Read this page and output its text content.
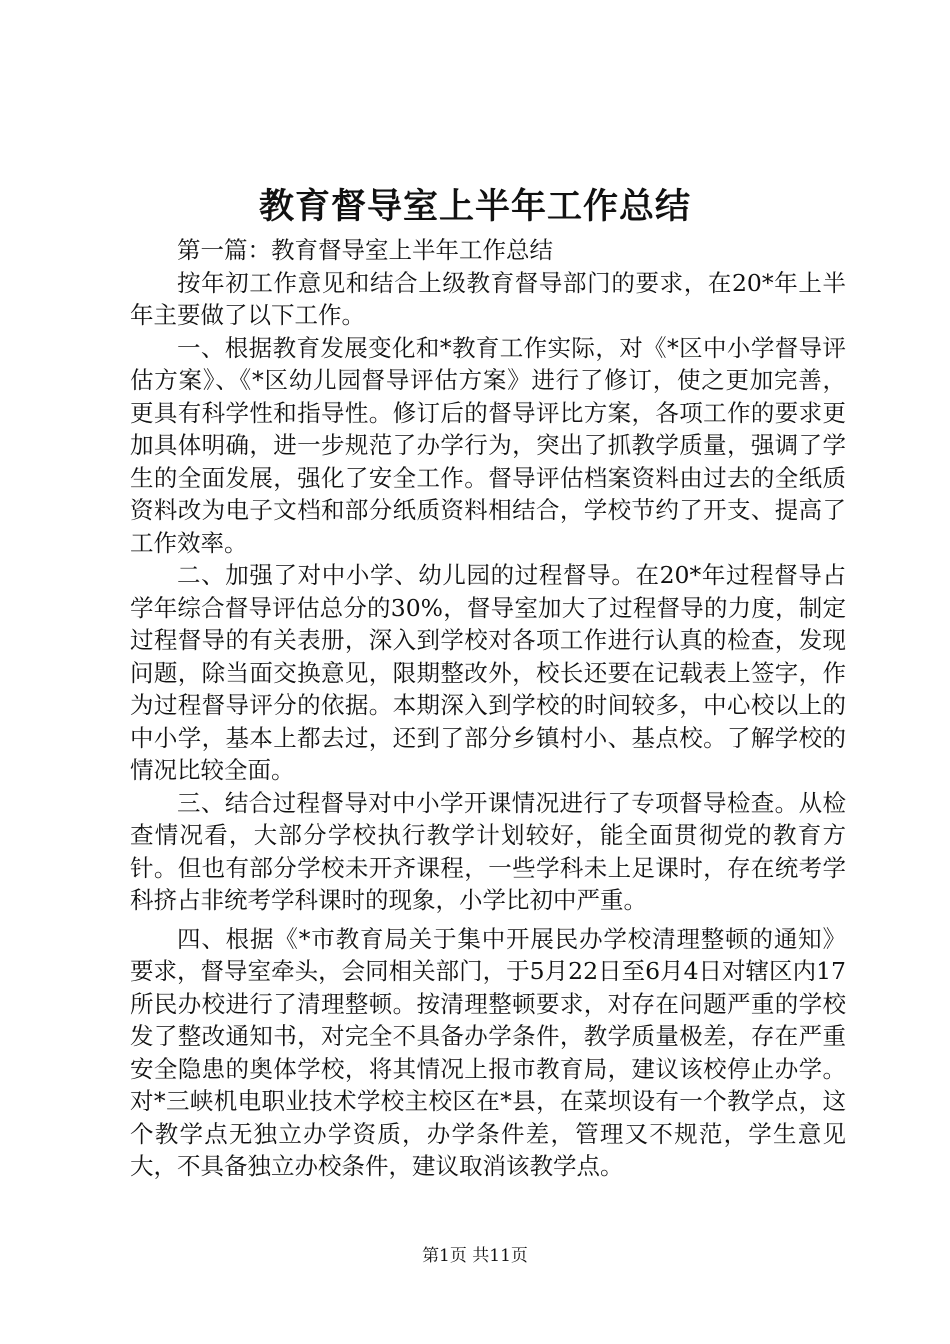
教育督导室上半年工作总结

第一篇：教育督导室上半年工作总结

按年初工作意见和结合上级教育督导部门的要求，在20*年上半年主要做了以下工作。

一、根据教育发展变化和*教育工作实际，对《*区中小学督导评估方案》、《*区幼儿园督导评估方案》进行了修订，使之更加完善，更具有科学性和指导性。修订后的督导评比方案，各项工作的要求更加具体明确，进一步规范了办学行为，突出了抓教学质量，强调了学生的全面发展，强化了安全工作。督导评估档案资料由过去的全纸质资料改为电子文档和部分纸质资料相结合，学校节约了开支、提高了工作效率。

二、加强了对中小学、幼儿园的过程督导。在20*年过程督导占学年综合督导评估总分的30%，督导室加大了过程督导的力度，制定过程督导的有关表册，深入到学校对各项工作进行认真的检查，发现问题，除当面交换意见，限期整改外，校长还要在记载表上签字，作为过程督导评分的依据。本期深入到学校的时间较多，中心校以上的中小学，基本上都去过，还到了部分乡镇村小、基点校。了解学校的情况比较全面。

三、结合过程督导对中小学开课情况进行了专项督导检查。从检查情况看，大部分学校执行教学计划较好，能全面贯彻党的教育方针。但也有部分学校未开齐课程，一些学科未上足课时，存在统考学科挤占非统考学科课时的现象，小学比初中严重。

四、根据《*市教育局关于集中开展民办学校清理整顿的通知》要求，督导室牵头，会同相关部门，于5月22日至6月4日对辖区内17所民办校进行了清理整顿。按清理整顿要求，对存在问题严重的学校发了整改通知书，对完全不具备办学条件，教学质量极差，存在严重安全隐患的奥体学校，将其情况上报市教育局，建议该校停止办学。对*三峡机电职业技术学校主校区在*县，在菜坝设有一个教学点，这个教学点无独立办学资质，办学条件差，管理又不规范，学生意见大，不具备独立办校条件，建议取消该教学点。

第1页 共11页
